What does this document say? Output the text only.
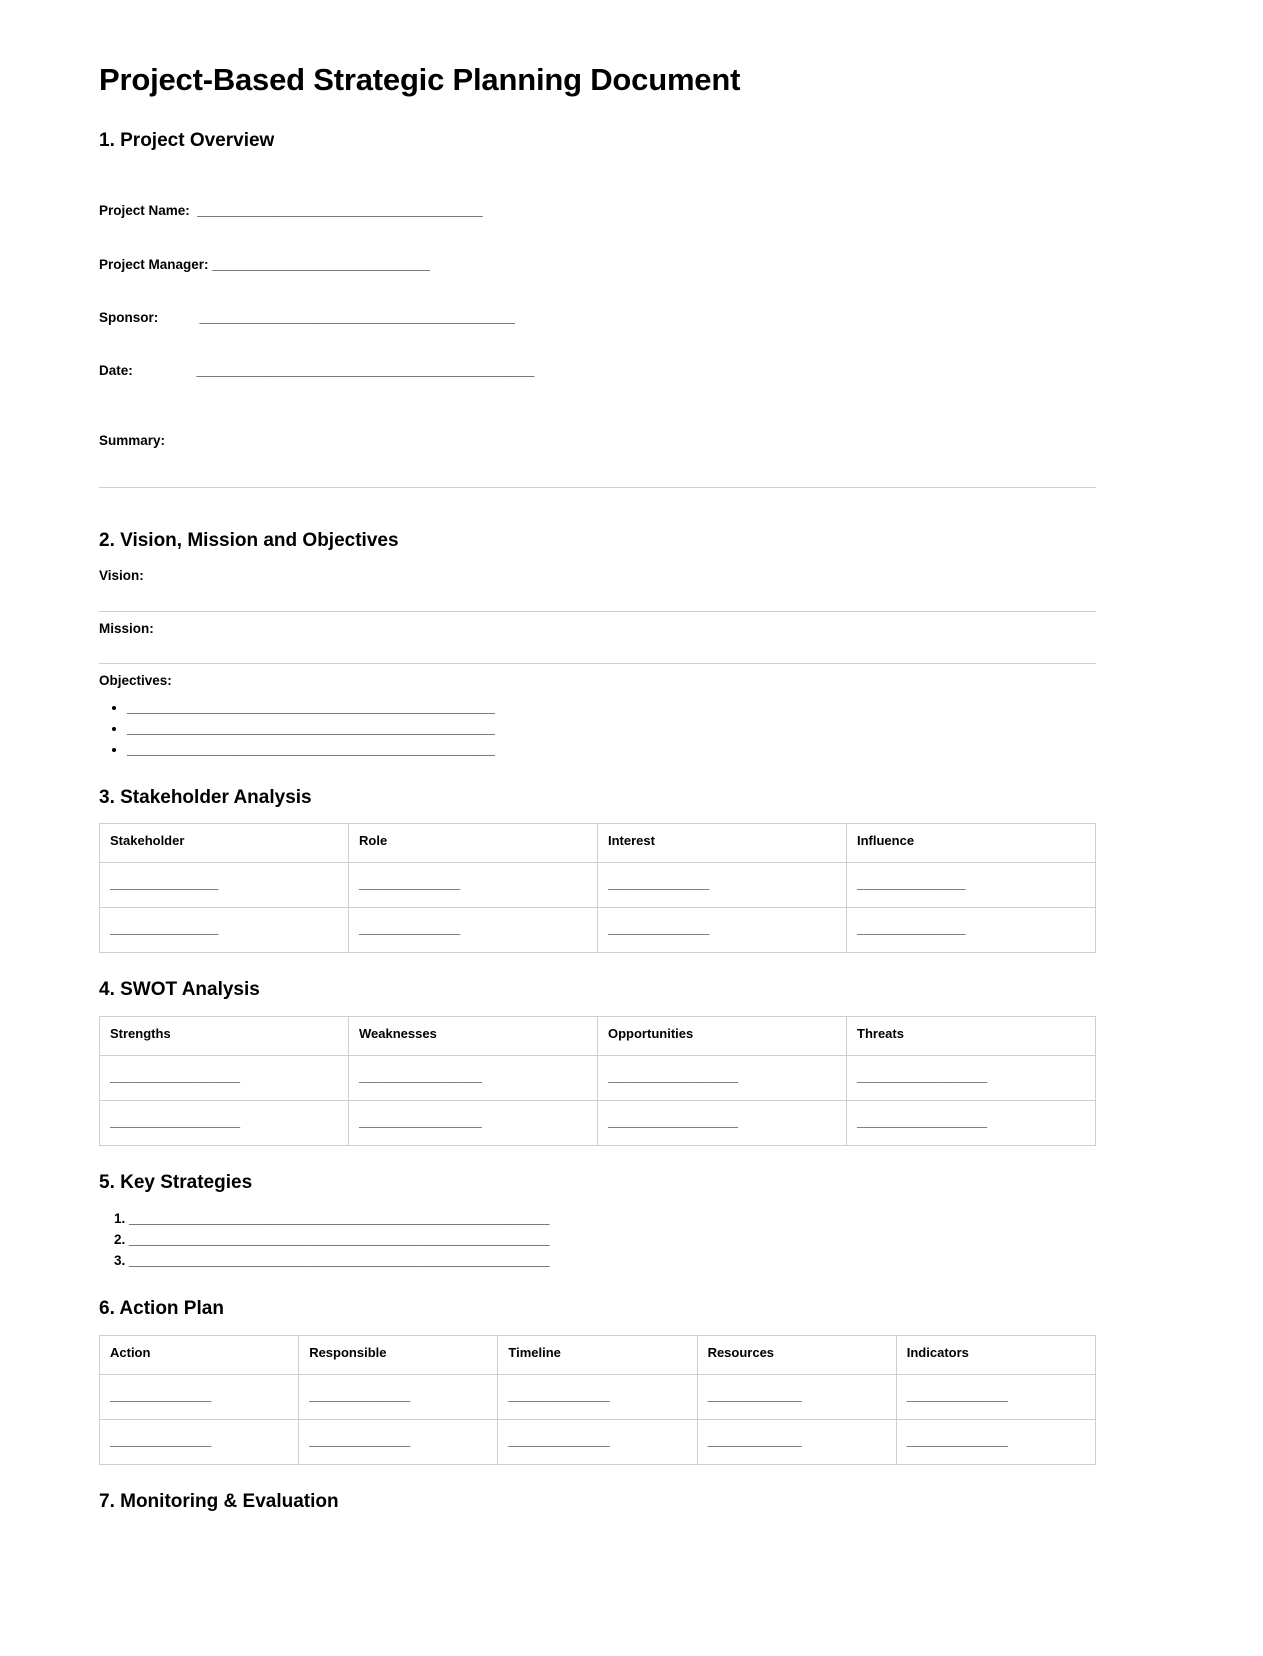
Project-Based Strategic Planning Document
1. Project Overview

Project Name:  ______________________________________

Project Manager: _____________________________

Sponsor:           __________________________________________

Date:                 _____________________________________________

Summary:

2. Vision, Mission and Objectives

Vision:

Mission:

Objectives:

• _________________________________________________
• _________________________________________________
• _________________________________________________
3. Stakeholder Analysis
Stakeholder	Role	Interest	Influence
_______________	______________	______________	_______________
_______________	______________	______________	_______________
4. SWOT Analysis
Strengths	Weaknesses	Opportunities	Threats
__________________	_________________	__________________	__________________
__________________	_________________	__________________	__________________
5. Key Strategies
1. ________________________________________________________
2. ________________________________________________________
3. ________________________________________________________
6. Action Plan
Action	Responsible	Timeline	Resources	Indicators
______________	______________	______________	_____________	______________
______________	______________	______________	_____________	______________
7. Monitoring & Evaluation
